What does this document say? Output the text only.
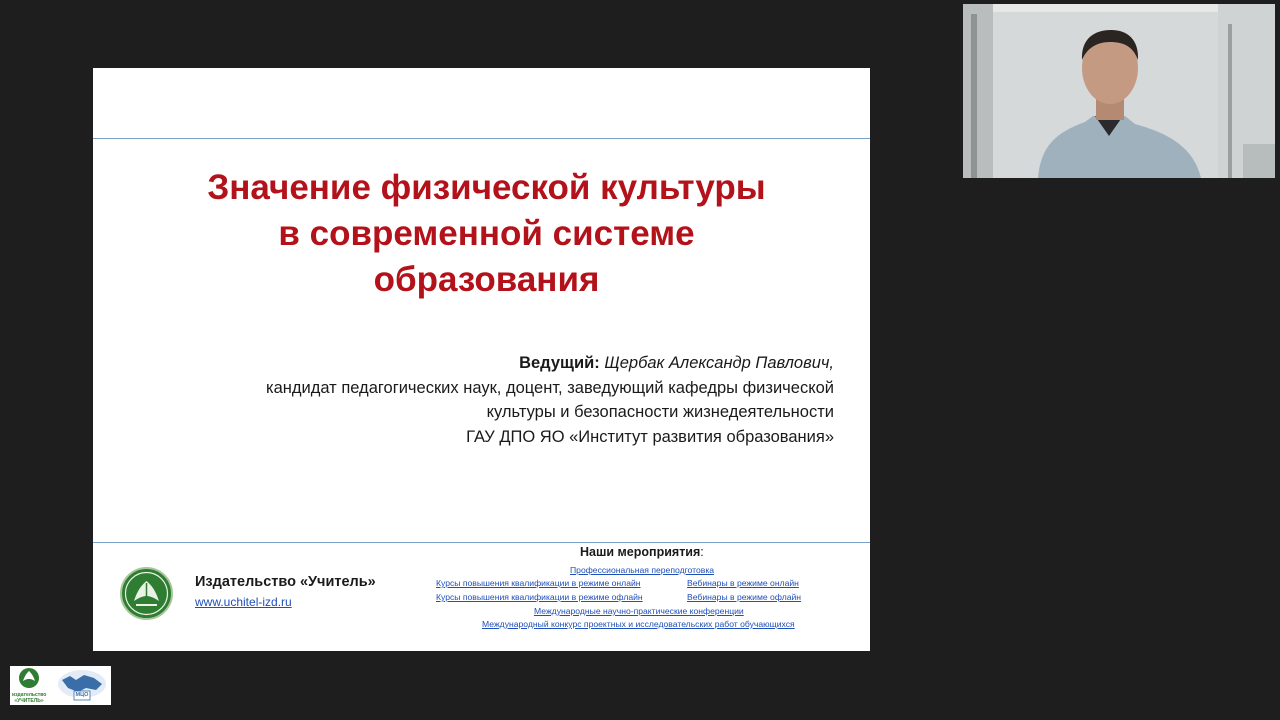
Значение физической культуры
в современной системе
образования
Ведущий: Щербак Александр Павлович,
кандидат педагогических наук, доцент, заведующий кафедры физической
культуры и безопасности жизнедеятельности
ГАУ ДПО ЯО «Институт развития образования»
Издательство «Учитель»
www.uchitel-izd.ru
Наши мероприятия:
Профессиональная переподготовка
Курсы повышения квалификации в режиме онлайн	Вебинары в режиме онлайн
Курсы повышения квалификации в режиме офлайн	Вебинары в режиме офлайн
Международные научно-практические конференции
Международный конкурс проектных и исследовательских работ обучающихся
издательство
«УЧИТЕЛЬ»
МЦО
